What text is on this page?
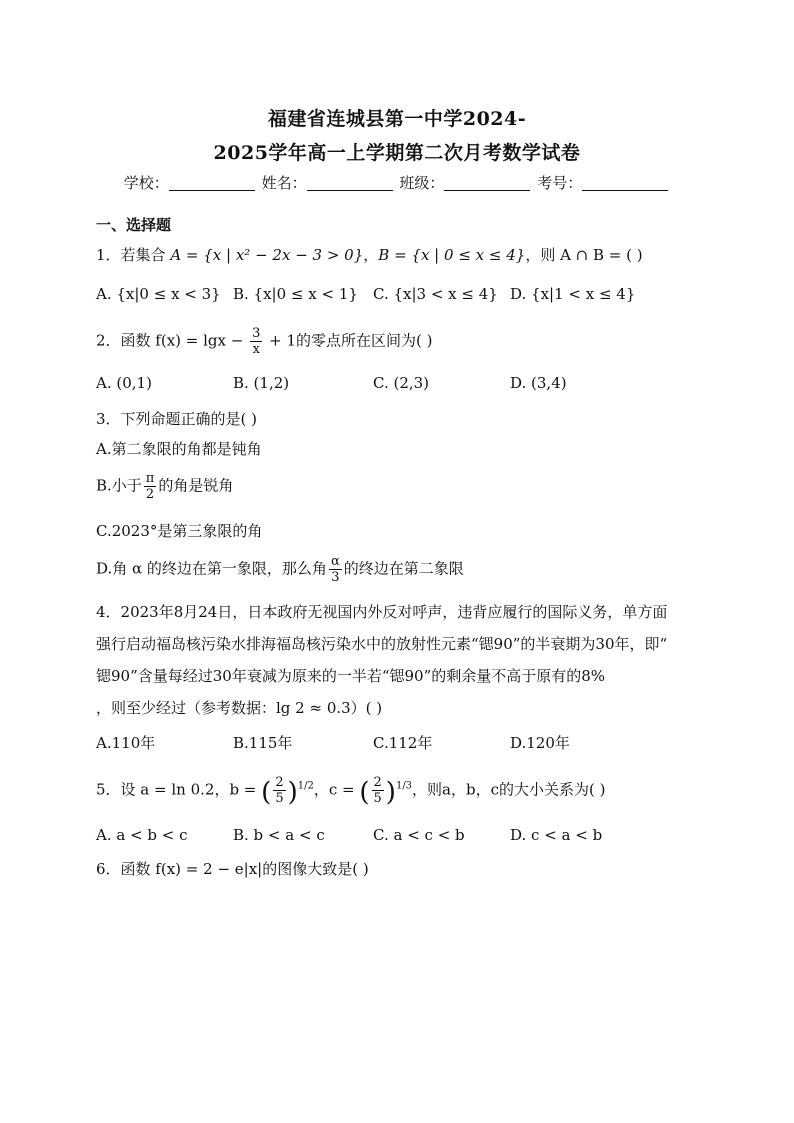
福建省连城县第一中学2024-
2025学年高一上学期第二次月考数学试卷
学校：	姓名：	班级：	考号：
一、选择题
1．若集合 A = {x | x² − 2x − 3 > 0}，B = {x | 0 ≤ x ≤ 4}，则 A ∩ B = ( )
A. {x|0 ≤ x < 3} B. {x|0 ≤ x < 1} C. {x|3 < x ≤ 4} D. {x|1 < x ≤ 4}
2．函数 $f(x) = \lg x - \frac{3}{x} + 1$的零点所在区间为( )
A. (0,1)	B. (1,2)	C. (2,3)	D. (3,4)
3．下列命题正确的是( )
A.第二象限的角都是钝角
B.小于 $\frac{\pi}{2}$ 的角是锐角
C.2023°是第三象限的角
D.角 α 的终边在第一象限，那么角 $\frac{\alpha}{3}$ 的终边在第二象限
4．2023年8月24日，日本政府无视国内外反对呼声，违背应履行的国际义务，单方面
强行启动福岛核污染水排海福岛核污染水中的放射性元素“锶90”的半衰期为30年，即“
锶90”含量每经过30年衰减为原来的一半若“锶90”的剩余量不高于原有的8%
，则至少经过（参考数据：lg 2 ≈ 0.3）( )
A.110年	B.115年	C.112年	D.120年
5．设 a = ln 0.2，b = ( $\frac{2}{5} )^{1/2}$，c = ( $\frac{2}{5} )^{1/3}$，则a，b，c的大小关系为( )
A. a < b < c	B. b < a < c	C. a < c < b	D. c < a < b
6．函数 f(x) = 2 − e|x|的图像大致是( )
